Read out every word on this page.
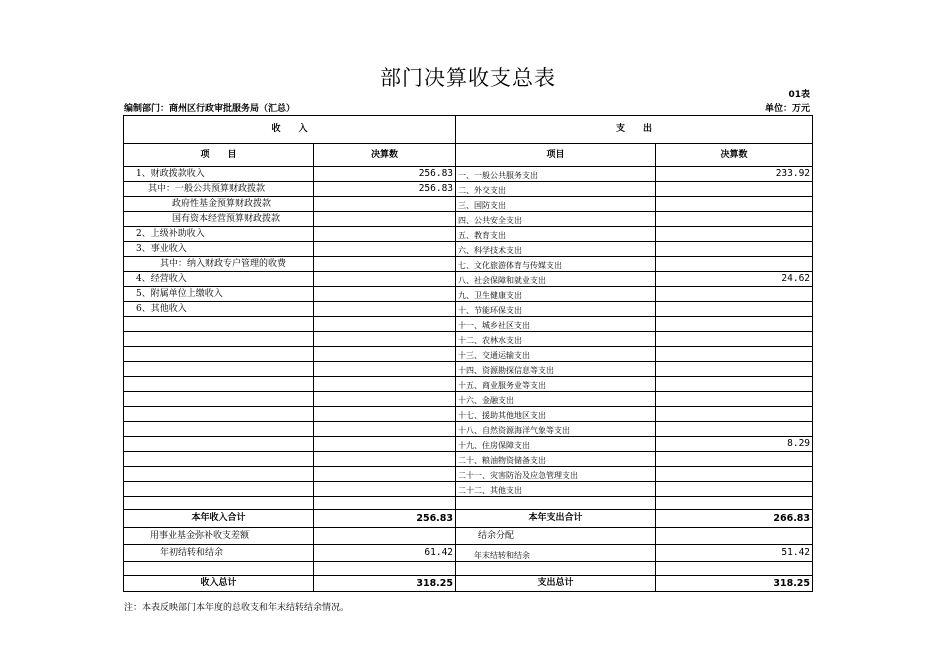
部门决算收支总表
01表
编制部门：商州区行政审批服务局（汇总）	单位：万元
收　　入		支　　出	
项　　目	决算数	项目	决算数
1、财政拨款收入	256.83	一、一般公共服务支出	233.92
其中：一般公共预算财政拨款	256.83	二、外交支出	
政府性基金预算财政拨款		三、国防支出	
国有资本经营预算财政拨款		四、公共安全支出	
2、上级补助收入		五、教育支出	
3、事业收入		六、科学技术支出	
其中：纳入财政专户管理的收费		七、文化旅游体育与传媒支出	
4、经营收入		八、社会保障和就业支出	24.62
5、附属单位上缴收入		九、卫生健康支出	
6、其他收入		十、节能环保支出	
		十一、城乡社区支出	
		十二、农林水支出	
		十三、交通运输支出	
		十四、资源勘探信息等支出	
		十五、商业服务业等支出	
		十六、金融支出	
		十七、援助其他地区支出	
		十八、自然资源海洋气象等支出	
		十九、住房保障支出	8.29
		二十、粮油物资储备支出	
		二十一、灾害防治及应急管理支出	
		二十二、其他支出	

本年收入合计	256.83	本年支出合计	266.83
用事业基金弥补收支差额		结余分配	
年初结转和结余	61.42	年末结转和结余	51.42

收入总计	318.25	支出总计	318.25
注：本表反映部门本年度的总收支和年末结转结余情况。
